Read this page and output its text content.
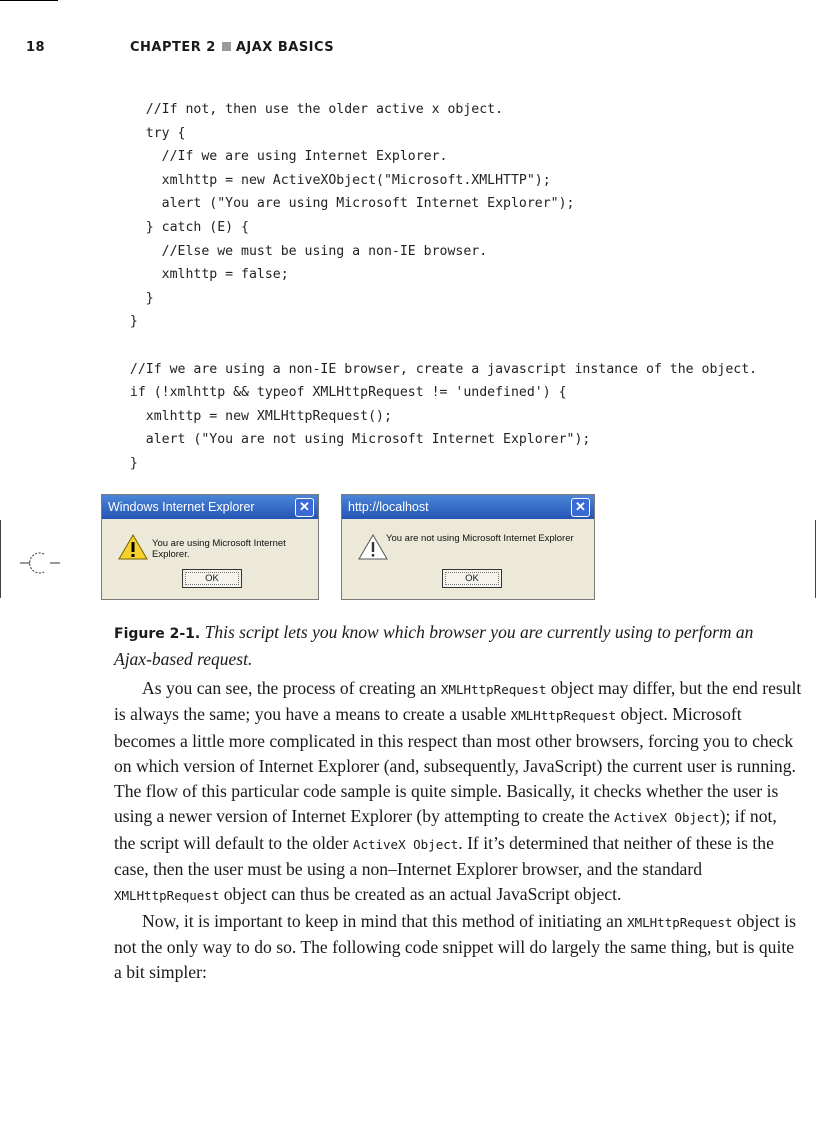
18	CHAPTER 2 AJAX BASICS
//If not, then use the older active x object.
try {
//If we are using Internet Explorer.
xmlhttp = new ActiveXObject("Microsoft.XMLHTTP");
alert ("You are using Microsoft Internet Explorer");
} catch (E) {
//Else we must be using a non-IE browser.
xmlhttp = false;
}
}

//If we are using a non-IE browser, create a javascript instance of the object.
if (!xmlhttp && typeof XMLHttpRequest != 'undefined') {
xmlhttp = new XMLHttpRequest();
alert ("You are not using Microsoft Internet Explorer");
}
Windows Internet Explorer	✕
You are using Microsoft Internet Explorer.
OK
http://localhost	✕
You are not using Microsoft Internet Explorer
OK
Figure 2-1. This script lets you know which browser you are currently using to perform an Ajax-based request.

As you can see, the process of creating an XMLHttpRequest object may differ, but the end result is always the same; you have a means to create a usable XMLHttpRequest object. Microsoft becomes a little more complicated in this respect than most other browsers, forcing you to check on which version of Internet Explorer (and, subsequently, JavaScript) the current user is running. The flow of this particular code sample is quite simple. Basically, it checks whether the user is using a newer version of Internet Explorer (by attempting to create the ActiveX Object); if not, the script will default to the older ActiveX Object. If it’s determined that neither of these is the case, then the user must be using a non–Internet Explorer browser, and the standard XMLHttpRequest object can thus be created as an actual JavaScript object.

Now, it is important to keep in mind that this method of initiating an XMLHttpRequest object is not the only way to do so. The following code snippet will do largely the same thing, but is quite a bit simpler:
